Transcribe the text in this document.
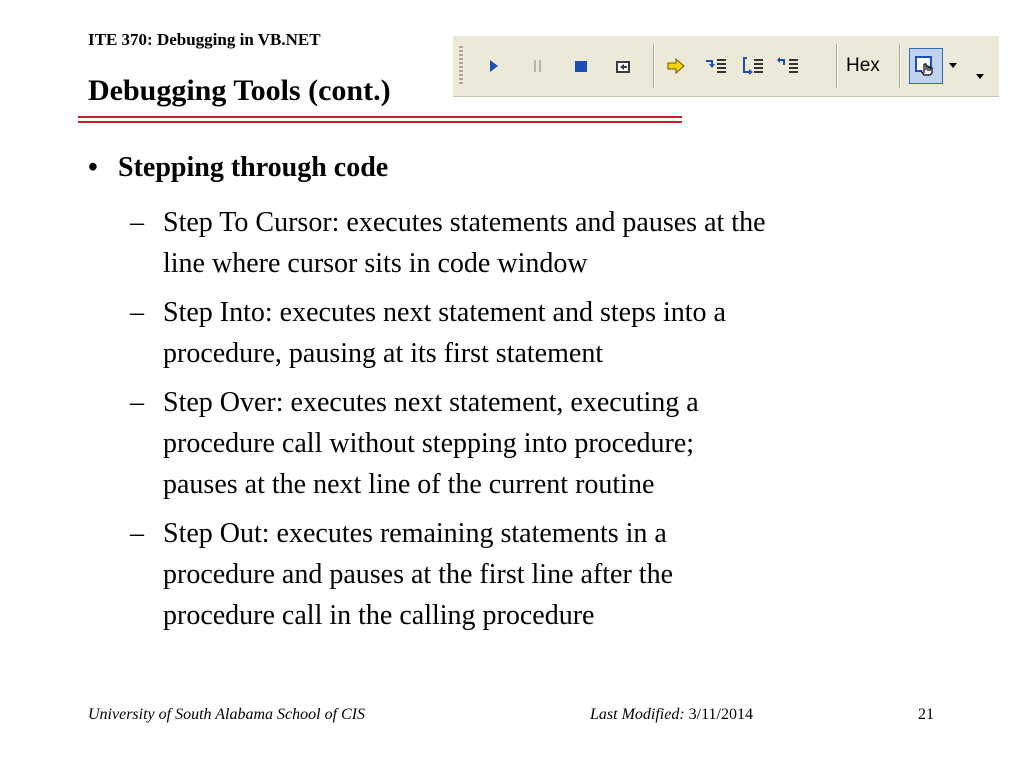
ITE 370: Debugging in VB.NET
Debugging Tools (cont.)
Hex
• Stepping through code
– Step To Cursor: executes statements and pauses at the
line where cursor sits in code window
– Step Into: executes next statement and steps into a
procedure, pausing at its first statement
– Step Over: executes next statement, executing a
procedure call without stepping into procedure;
pauses at the next line of the current routine
– Step Out: executes remaining statements in a
procedure and pauses at the first line after the
procedure call in the calling procedure
University of South Alabama School of CIS	Last Modified: 3/11/2014	21
